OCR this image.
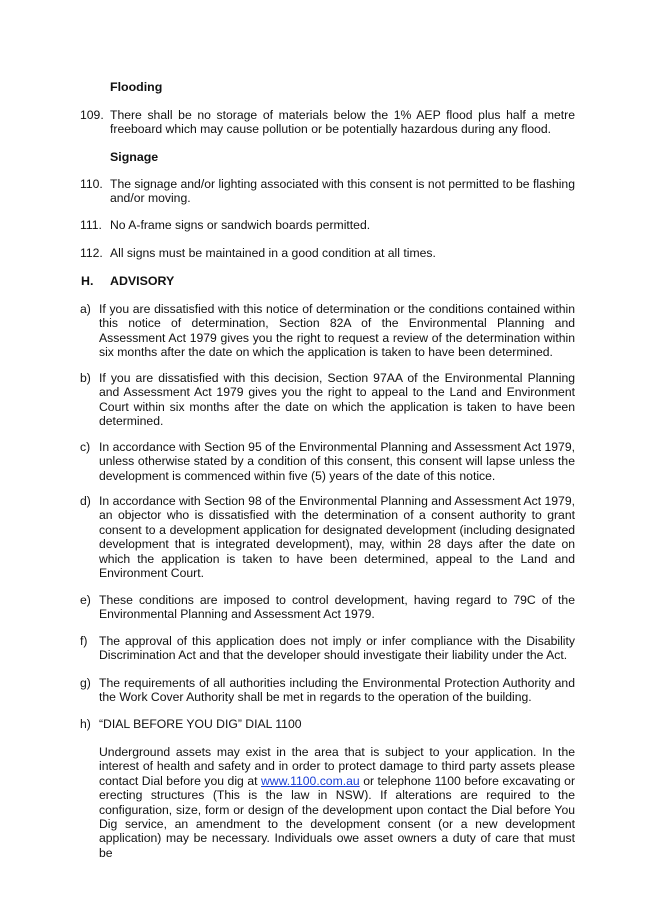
Flooding
109. There shall be no storage of materials below the 1% AEP flood plus half a metre freeboard which may cause pollution or be potentially hazardous during any flood.
Signage
110. The signage and/or lighting associated with this consent is not permitted to be flashing and/or moving.
111. No A-frame signs or sandwich boards permitted.
112. All signs must be maintained in a good condition at all times.
H. ADVISORY
a) If you are dissatisfied with this notice of determination or the conditions contained within this notice of determination, Section 82A of the Environmental Planning and Assessment Act 1979 gives you the right to request a review of the determination within six months after the date on which the application is taken to have been determined.
b) If you are dissatisfied with this decision, Section 97AA of the Environmental Planning and Assessment Act 1979 gives you the right to appeal to the Land and Environment Court within six months after the date on which the application is taken to have been determined.
c) In accordance with Section 95 of the Environmental Planning and Assessment Act 1979, unless otherwise stated by a condition of this consent, this consent will lapse unless the development is commenced within five (5) years of the date of this notice.
d) In accordance with Section 98 of the Environmental Planning and Assessment Act 1979, an objector who is dissatisfied with the determination of a consent authority to grant consent to a development application for designated development (including designated development that is integrated development), may, within 28 days after the date on which the application is taken to have been determined, appeal to the Land and Environment Court.
e) These conditions are imposed to control development, having regard to 79C of the Environmental Planning and Assessment Act 1979.
f) The approval of this application does not imply or infer compliance with the Disability Discrimination Act and that the developer should investigate their liability under the Act.
g) The requirements of all authorities including the Environmental Protection Authority and the Work Cover Authority shall be met in regards to the operation of the building.
h) “DIAL BEFORE YOU DIG” DIAL 1100
Underground assets may exist in the area that is subject to your application. In the interest of health and safety and in order to protect damage to third party assets please contact Dial before you dig at www.1100.com.au or telephone 1100 before excavating or erecting structures (This is the law in NSW). If alterations are required to the configuration, size, form or design of the development upon contact the Dial before You Dig service, an amendment to the development consent (or a new development application) may be necessary. Individuals owe asset owners a duty of care that must be
